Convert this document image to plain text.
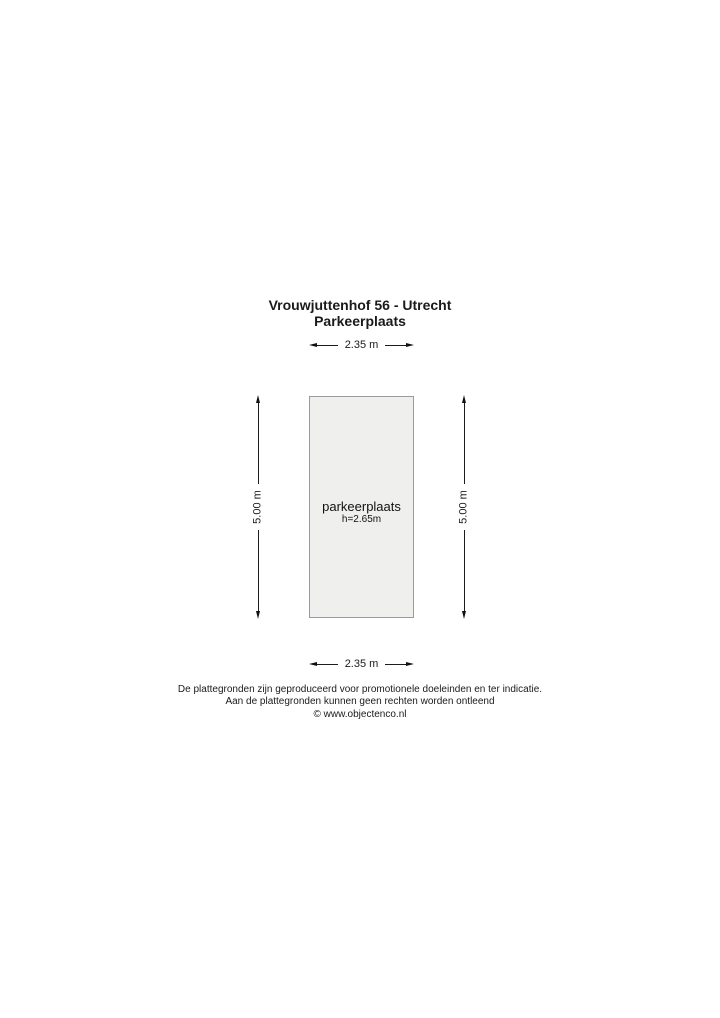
Vrouwjuttenhof 56 - Utrecht
Parkeerplaats
2.35 m
5.00 m	5.00 m
parkeerplaats
h=2.65m
2.35 m
De plattegronden zijn geproduceerd voor promotionele doeleinden en ter indicatie.
Aan de plattegronden kunnen geen rechten worden ontleend
© www.objectenco.nl
